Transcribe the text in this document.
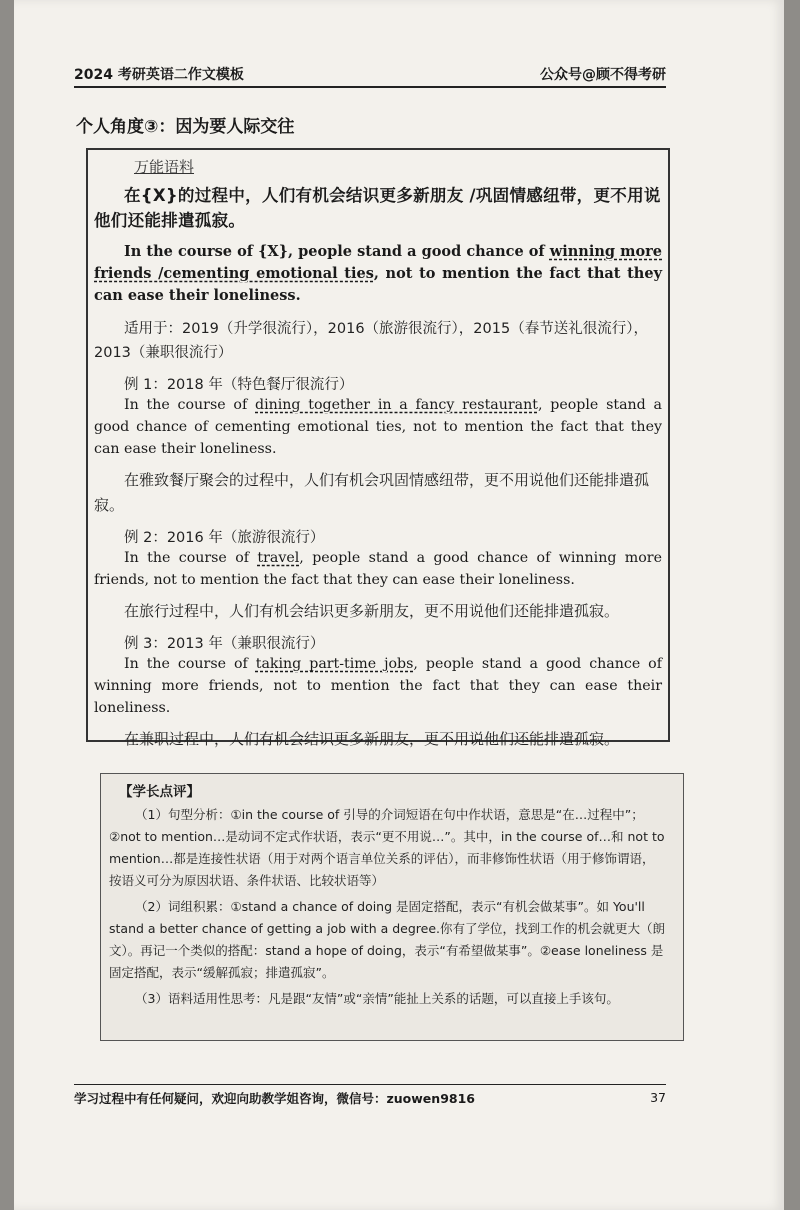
2024 考研英语二作文模板	公众号@顾不得考研
个人角度③：因为要人际交往
万能语料

在{X}的过程中，人们有机会结识更多新朋友 /巩固情感纽带，更不用说他们还能排遣孤寂。

In the course of {X}, people stand a good chance of winning more friends /cementing emotional ties, not to mention the fact that they can ease their loneliness.

适用于：2019（升学很流行），2016（旅游很流行），2015（春节送礼很流行），2013（兼职很流行）

例 1：2018 年（特色餐厅很流行）

In the course of dining together in a fancy restaurant, people stand a good chance of cementing emotional ties, not to mention the fact that they can ease their loneliness.

在雅致餐厅聚会的过程中，人们有机会巩固情感纽带，更不用说他们还能排遣孤寂。

例 2：2016 年（旅游很流行）

In the course of travel, people stand a good chance of winning more friends, not to mention the fact that they can ease their loneliness.

在旅行过程中，人们有机会结识更多新朋友，更不用说他们还能排遣孤寂。

例 3：2013 年（兼职很流行）

In the course of taking part-time jobs, people stand a good chance of winning more friends, not to mention the fact that they can ease their loneliness.

在兼职过程中，人们有机会结识更多新朋友，更不用说他们还能排遣孤寂。

【学长点评】

（1）句型分析：①in the course of 引导的介词短语在句中作状语，意思是“在…过程中”；②not to mention…是动词不定式作状语，表示“更不用说…”。其中，in the course of…和 not to mention…都是连接性状语（用于对两个语言单位关系的评估），而非修饰性状语（用于修饰谓语，按语义可分为原因状语、条件状语、比较状语等）

（2）词组积累：①stand a chance of doing 是固定搭配，表示“有机会做某事”。如 You'll stand a better chance of getting a job with a degree.你有了学位，找到工作的机会就更大（朗文）。再记一个类似的搭配：stand a hope of doing，表示“有希望做某事”。②ease loneliness 是固定搭配，表示“缓解孤寂；排遣孤寂”。

（3）语料适用性思考：凡是跟“友情”或“亲情”能扯上关系的话题，可以直接上手该句。

学习过程中有任何疑问，欢迎向助教学姐咨询，微信号：zuowen9816	37
